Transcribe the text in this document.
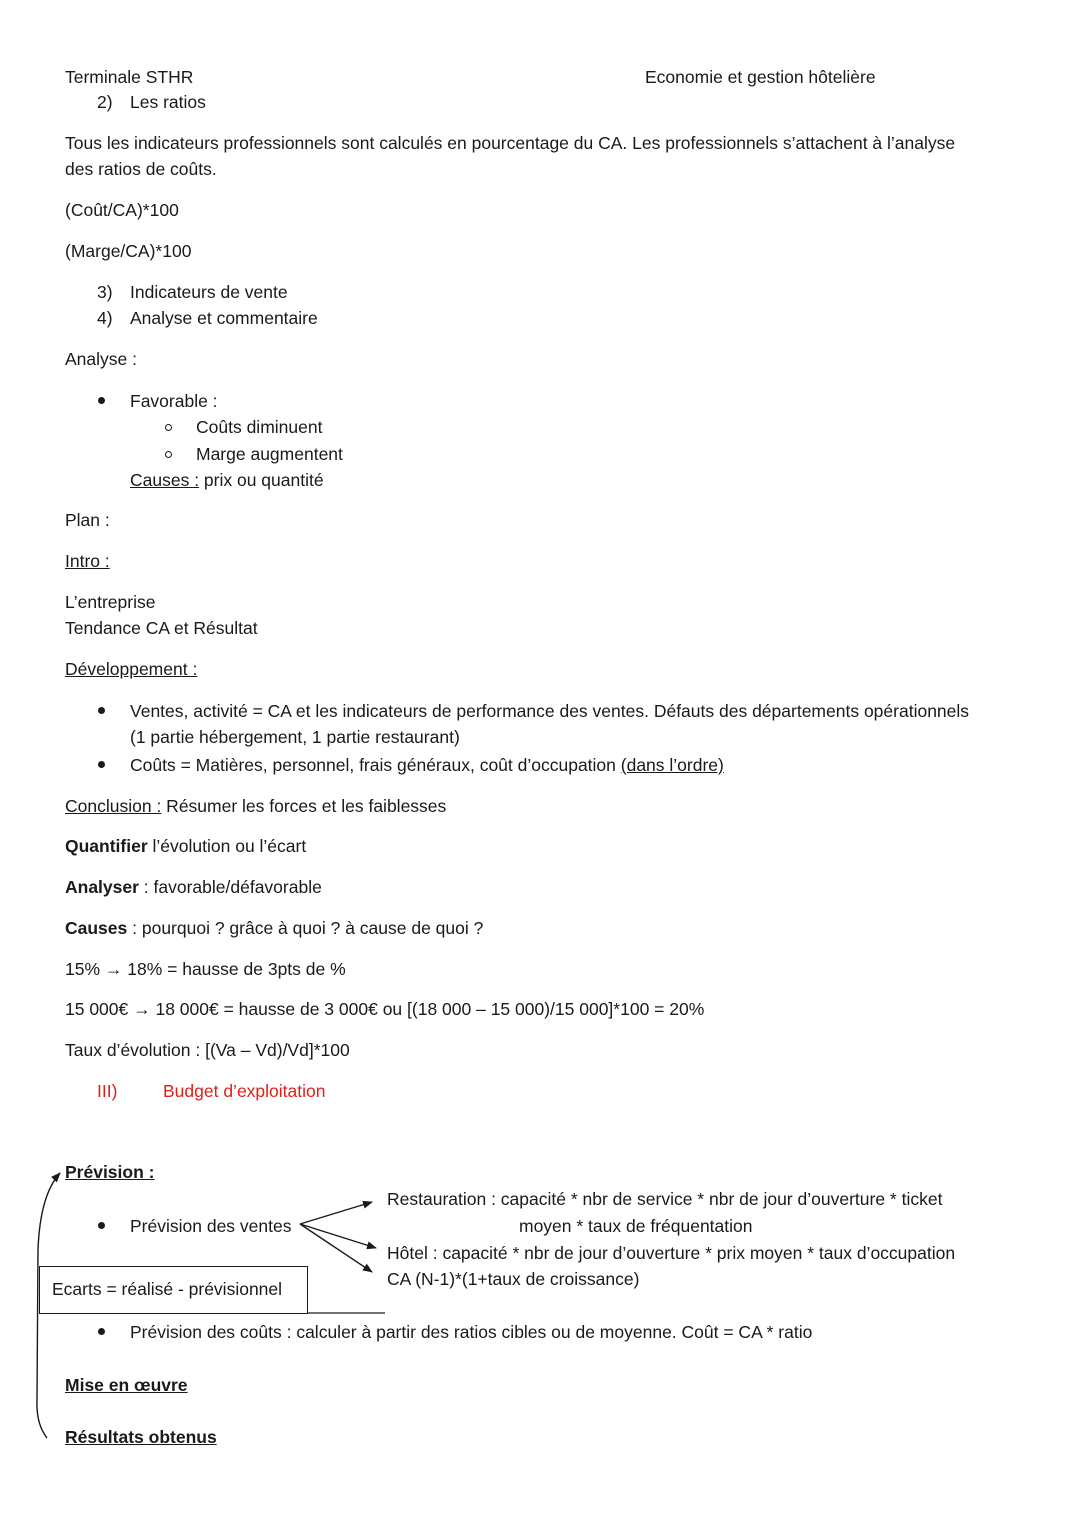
Terminale STHR	Economie et gestion hôtelière
2) Les ratios
Tous les indicateurs professionnels sont calculés en pourcentage du CA. Les professionnels s’attachent à l’analyse
des ratios de coûts.
(Coût/CA)*100
(Marge/CA)*100
3) Indicateurs de vente
4) Analyse et commentaire
Analyse :
Favorable :
Coûts diminuent
Marge augmentent
Causes : prix ou quantité
Plan :
Intro :
L’entreprise
Tendance CA et Résultat
Développement :
Ventes, activité = CA et les indicateurs de performance des ventes. Défauts des départements opérationnels
(1 partie hébergement, 1 partie restaurant)
Coûts = Matières, personnel, frais généraux, coût d’occupation (dans l’ordre)
Conclusion : Résumer les forces et les faiblesses
Quantifier l’évolution ou l’écart
Analyser : favorable/défavorable
Causes : pourquoi ? grâce à quoi ? à cause de quoi ?
15% → 18% = hausse de 3pts de %
15 000€ → 18 000€ = hausse de 3 000€ ou [(18 000 – 15 000)/15 000]*100 = 20%
Taux d’évolution : [(Va – Vd)/Vd]*100
III)	Budget d’exploitation
Prévision :
Prévision des ventes
Restauration : capacité * nbr de service * nbr de jour d’ouverture * ticket
moyen * taux de fréquentation
Hôtel : capacité * nbr de jour d’ouverture * prix moyen * taux d’occupation
CA (N-1)*(1+taux de croissance)
Ecarts = réalisé - prévisionnel
Prévision des coûts : calculer à partir des ratios cibles ou de moyenne. Coût = CA * ratio
Mise en œuvre
Résultats obtenus
